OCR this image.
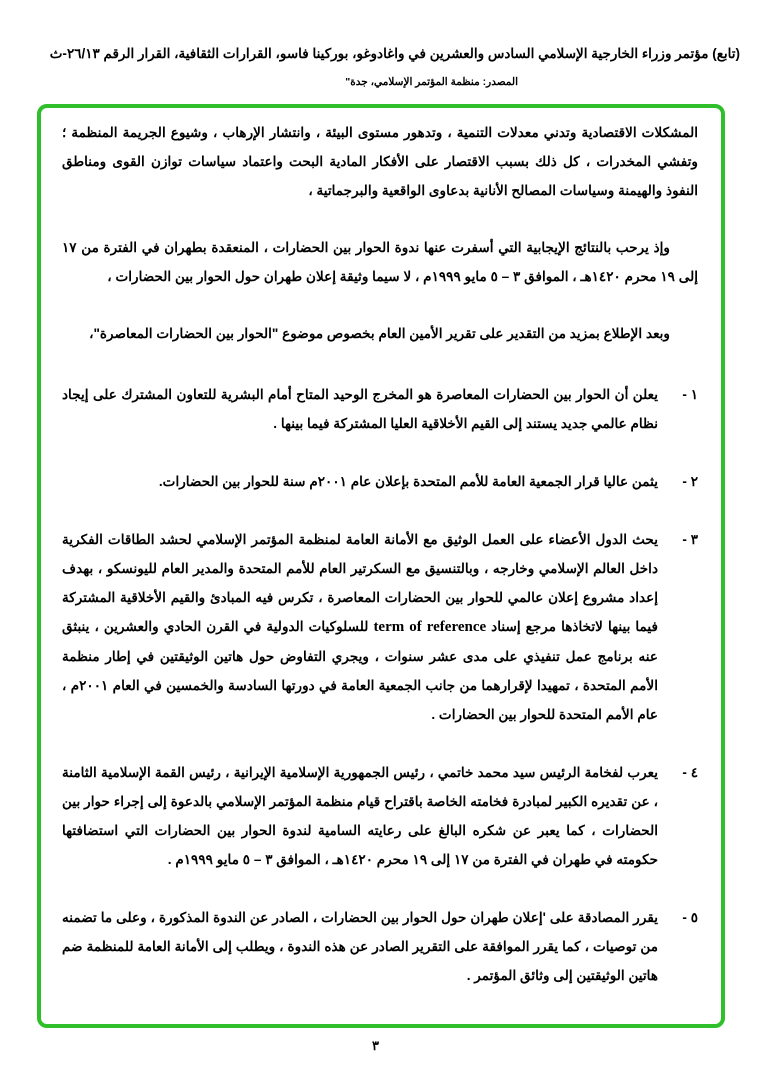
(تابع) مؤتمر وزراء الخارجية الإسلامي السادس والعشرين في واغادوغو، بوركينا فاسو، القرارات الثقافية، القرار الرقم ٢٦/١٣-ث
المصدر: منظمة المؤتمر الإسلامي، جدة"

المشكلات الاقتصادية وتدني معدلات التنمية ، وتدهور مستوى البيئة ، وانتشار الإرهاب ، وشيوع الجريمة المنظمة ؛ وتفشي المخدرات ، كل ذلك بسبب الاقتصار على الأفكار المادية البحت واعتماد سياسات توازن القوى ومناطق النفوذ والهيمنة وسياسات المصالح الأنانية بدعاوى الواقعية والبرجماتية ،

وإذ يرحب بالنتائج الإيجابية التي أسفرت عنها ندوة الحوار بين الحضارات ، المنعقدة بطهران في الفترة من ١٧ إلى ١٩ محرم ١٤٢٠هـ ، الموافق ٣ – ٥ مايو ١٩٩٩م ، لا سيما وثيقة إعلان طهران حول الحوار بين الحضارات ،

وبعد الإطلاع بمزيد من التقدير على تقرير الأمين العام بخصوص موضوع "الحوار بين الحضارات المعاصرة"،

١ -

يعلن أن الحوار بين الحضارات المعاصرة هو المخرج الوحيد المتاح أمام البشرية للتعاون المشترك على إيجاد نظام عالمي جديد يستند إلى القيم الأخلاقية العليا المشتركة فيما بينها .

٢ -

يثمن عاليا قرار الجمعية العامة للأمم المتحدة بإعلان عام ٢٠٠١م سنة للحوار بين الحضارات.

٣ -

يحث الدول الأعضاء على العمل الوثيق مع الأمانة العامة لمنظمة المؤتمر الإسلامي لحشد الطاقات الفكرية داخل العالم الإسلامي وخارجه ، وبالتنسيق مع السكرتير العام للأمم المتحدة والمدير العام لليونسكو ، بهدف إعداد مشروع إعلان عالمي للحوار بين الحضارات المعاصرة ، تكرس فيه المبادئ والقيم الأخلاقية المشتركة فيما بينها لاتخاذها مرجع إسناد term of reference للسلوكيات الدولية في القرن الحادي والعشرين ، ينبثق عنه برنامج عمل تنفيذي على مدى عشر سنوات ، ويجري التفاوض حول هاتين الوثيقتين في إطار منظمة الأمم المتحدة ، تمهيدا لإقرارهما من جانب الجمعية العامة في دورتها السادسة والخمسين في العام ٢٠٠١م ، عام الأمم المتحدة للحوار بين الحضارات .

٤ -

يعرب لفخامة الرئيس سيد محمد خاتمي ، رئيس الجمهورية الإسلامية الإيرانية ، رئيس القمة الإسلامية الثامنة ، عن تقديره الكبير لمبادرة فخامته الخاصة باقتراح قيام منظمة المؤتمر الإسلامي بالدعوة إلى إجراء حوار بين الحضارات ، كما يعبر عن شكره البالغ على رعايته السامية لندوة الحوار بين الحضارات التي استضافتها حكومته في طهران في الفترة من ١٧ إلى ١٩ محرم ١٤٢٠هـ ، الموافق ٣ – ٥ مايو ١٩٩٩م .

٥ -

يقرر المصادقة على 'إعلان طهران حول الحوار بين الحضارات ، الصادر عن الندوة المذكورة ، وعلى ما تضمنه من توصيات ، كما يقرر الموافقة على التقرير الصادر عن هذه الندوة ، ويطلب إلى الأمانة العامة للمنظمة ضم هاتين الوثيقتين إلى وثائق المؤتمر .

٣
